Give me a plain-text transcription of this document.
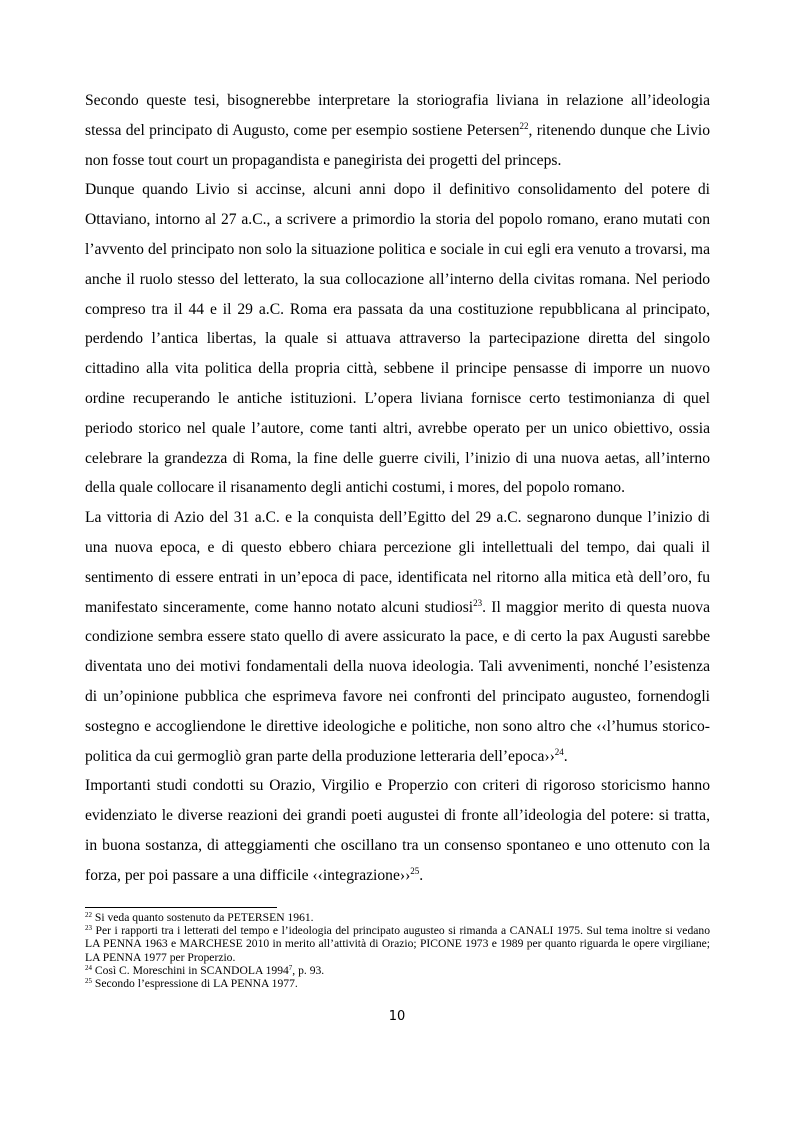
Secondo queste tesi, bisognerebbe interpretare la storiografia liviana in relazione all’ideologia stessa del principato di Augusto, come per esempio sostiene Petersen$^{22}$, ritenendo dunque che Livio non fosse tout court un propagandista e panegirista dei progetti del princeps.

Dunque quando Livio si accinse, alcuni anni dopo il definitivo consolidamento del potere di Ottaviano, intorno al 27 a.C., a scrivere a primordio la storia del popolo romano, erano mutati con l’avvento del principato non solo la situazione politica e sociale in cui egli era venuto a trovarsi, ma anche il ruolo stesso del letterato, la sua collocazione all’interno della civitas romana. Nel periodo compreso tra il 44 e il 29 a.C. Roma era passata da una costituzione repubblicana al principato, perdendo l’antica libertas, la quale si attuava attraverso la partecipazione diretta del singolo cittadino alla vita politica della propria città, sebbene il principe pensasse di imporre un nuovo ordine recuperando le antiche istituzioni. L’opera liviana fornisce certo testimonianza di quel periodo storico nel quale l’autore, come tanti altri, avrebbe operato per un unico obiettivo, ossia celebrare la grandezza di Roma, la fine delle guerre civili, l’inizio di una nuova aetas, all’interno della quale collocare il risanamento degli antichi costumi, i mores, del popolo romano.

La vittoria di Azio del 31 a.C. e la conquista dell’Egitto del 29 a.C. segnarono dunque l’inizio di una nuova epoca, e di questo ebbero chiara percezione gli intellettuali del tempo, dai quali il sentimento di essere entrati in un’epoca di pace, identificata nel ritorno alla mitica età dell’oro, fu manifestato sinceramente, come hanno notato alcuni studiosi$^{23}$. Il maggior merito di questa nuova condizione sembra essere stato quello di avere assicurato la pace, e di certo la pax Augusti sarebbe diventata uno dei motivi fondamentali della nuova ideologia. Tali avvenimenti, nonché l’esistenza di un’opinione pubblica che esprimeva favore nei confronti del principato augusteo, fornendogli sostegno e accogliendone le direttive ideologiche e politiche, non sono altro che ‹‹l’humus storico-politica da cui germogliò gran parte della produzione letteraria dell’epoca››$^{24}$.

Importanti studi condotti su Orazio, Virgilio e Properzio con criteri di rigoroso storicismo hanno evidenziato le diverse reazioni dei grandi poeti augustei di fronte all’ideologia del potere: si tratta, in buona sostanza, di atteggiamenti che oscillano tra un consenso spontaneo e uno ottenuto con la forza, per poi passare a una difficile ‹‹integrazione››$^{25}$.

$^{22}$ Si veda quanto sostenuto da PETERSEN 1961.

$^{23}$ Per i rapporti tra i letterati del tempo e l’ideologia del principato augusteo si rimanda a CANALI 1975. Sul tema inoltre si vedano LA PENNA 1963 e MARCHESE 2010 in merito all’attività di Orazio; PICONE 1973 e 1989 per quanto riguarda le opere virgiliane; LA PENNA 1977 per Properzio.

$^{24}$ Così C. Moreschini in SCANDOLA 1994$^7$, p. 93.

$^{25}$ Secondo l’espressione di LA PENNA 1977.

10
